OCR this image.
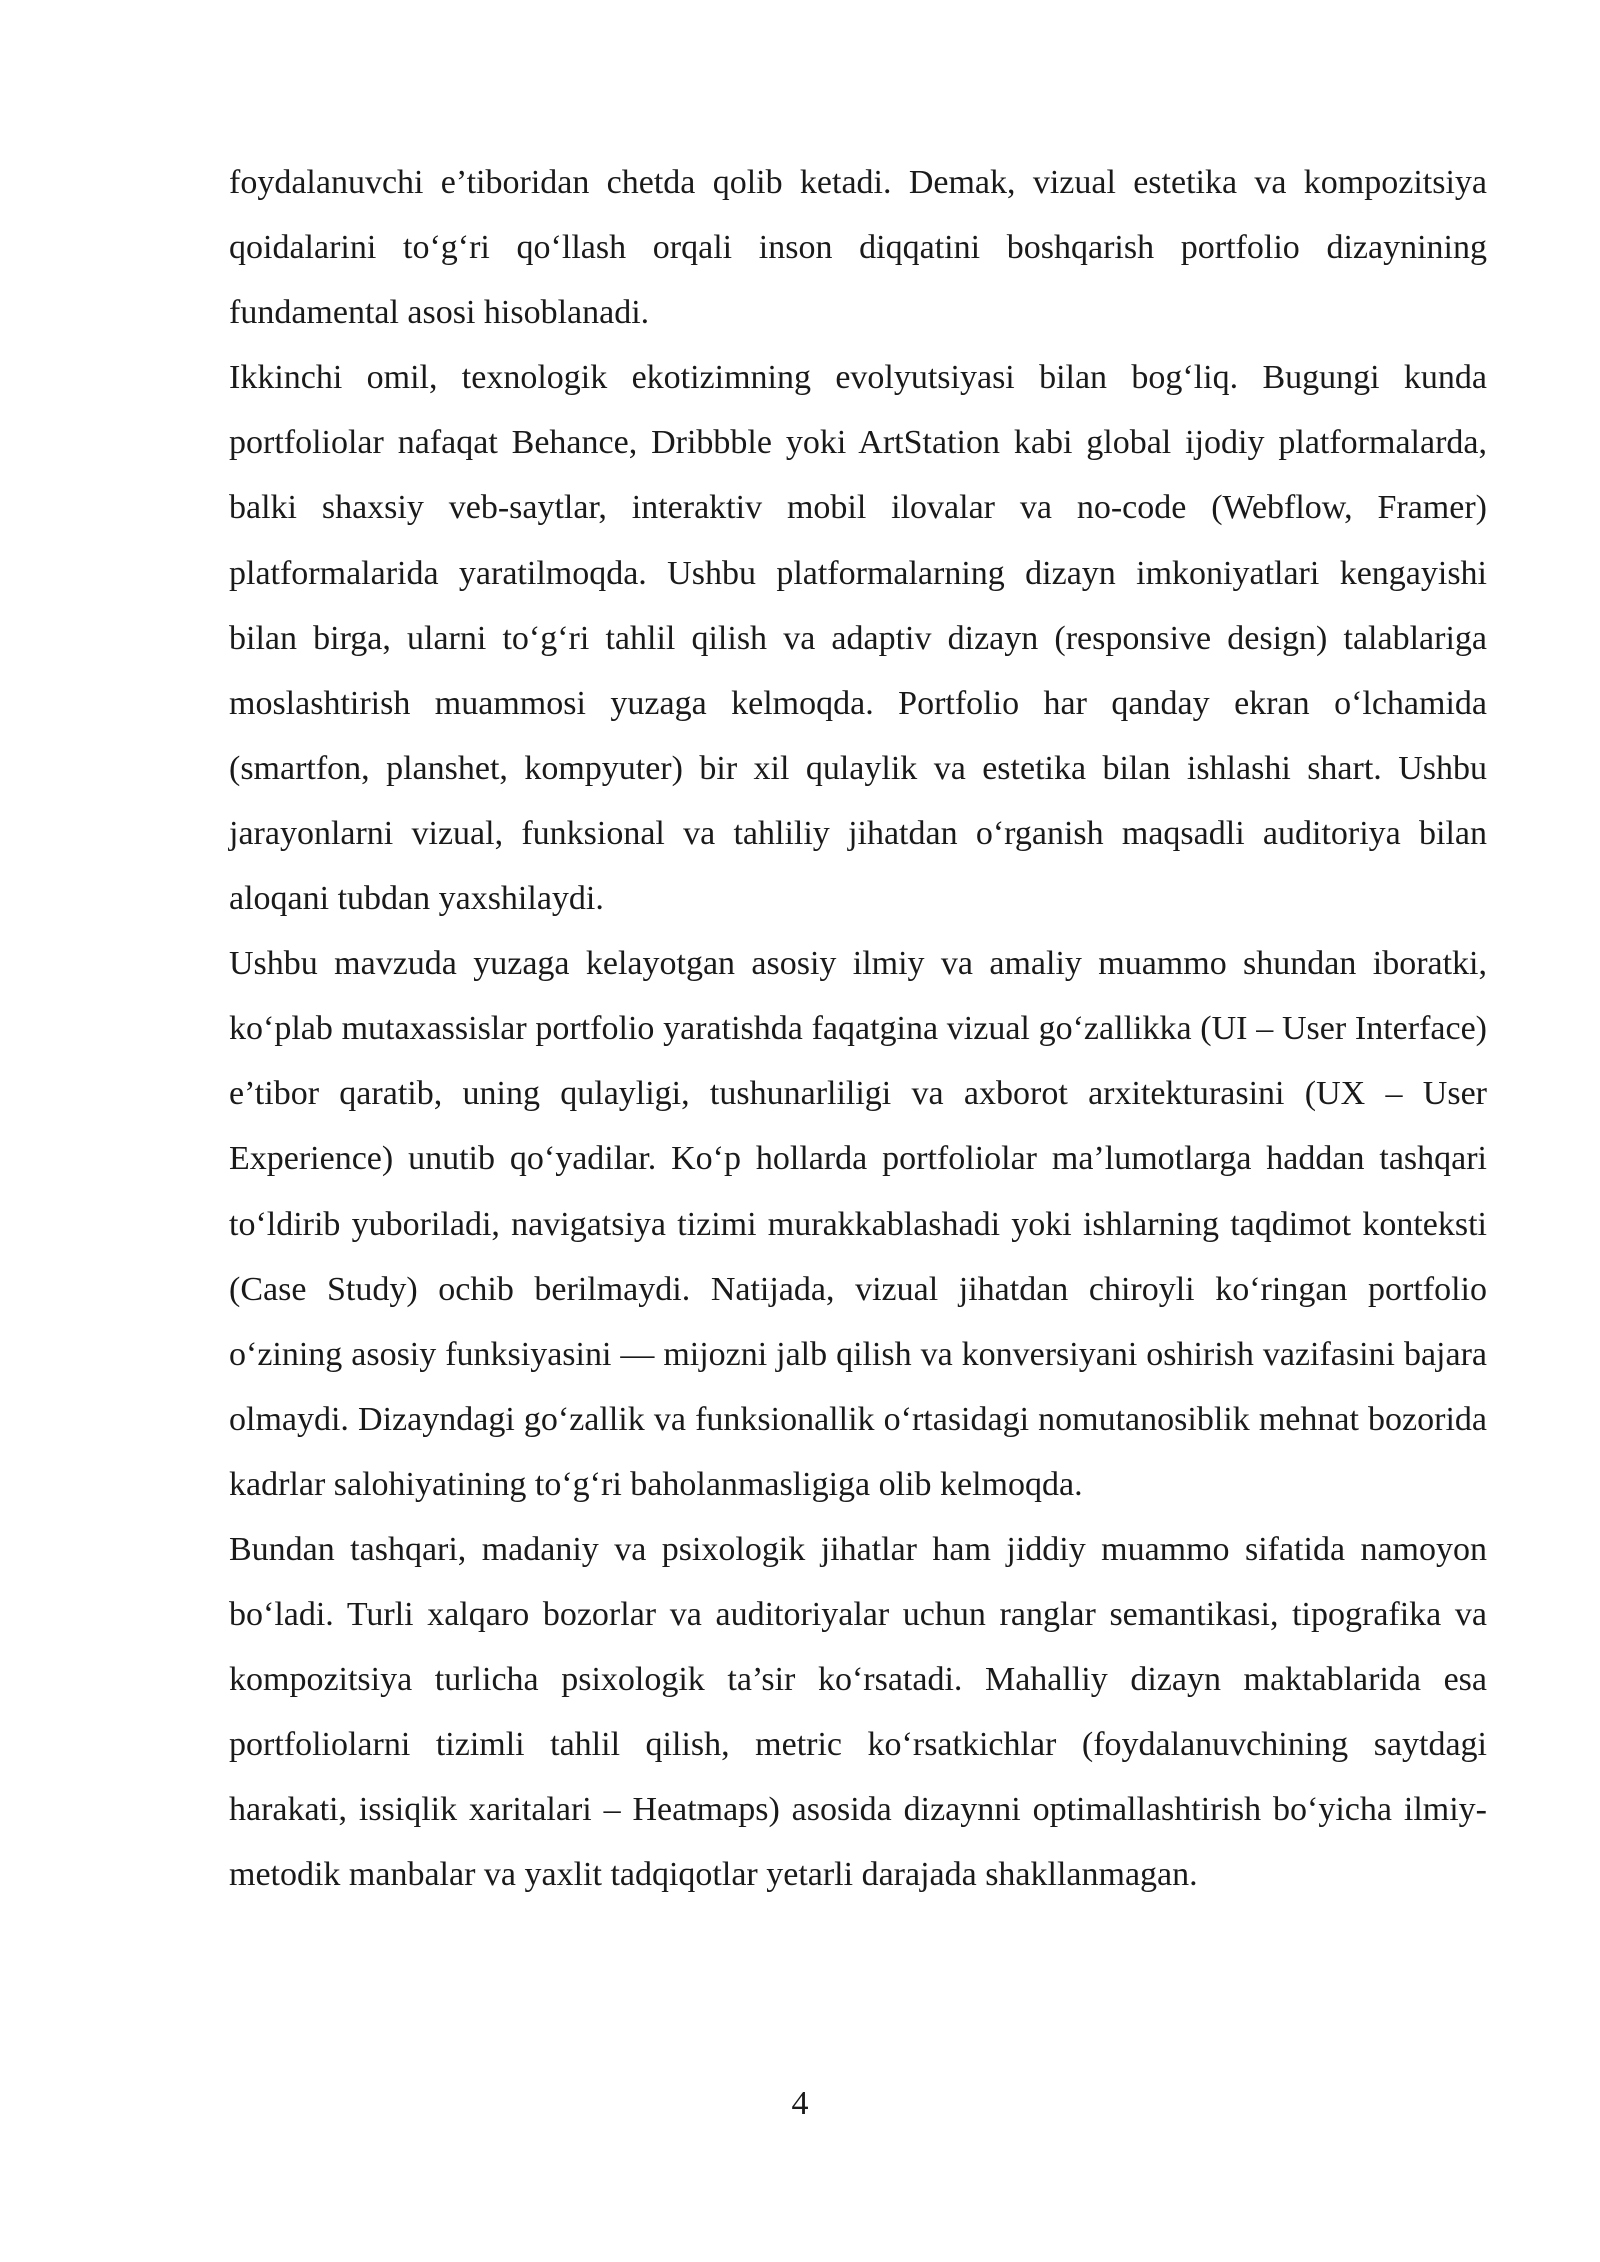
foydalanuvchi e’tiboridan chetda qolib ketadi. Demak, vizual estetika va kompozitsiya qoidalarini to‘g‘ri qo‘llash orqali inson diqqatini boshqarish portfolio dizaynining fundamental asosi hisoblanadi.

Ikkinchi omil, texnologik ekotizimning evolyutsiyasi bilan bog‘liq. Bugungi kunda portfoliolar nafaqat Behance, Dribbble yoki ArtStation kabi global ijodiy platformalarda, balki shaxsiy veb-saytlar, interaktiv mobil ilovalar va no-code (Webflow, Framer) platformalarida yaratilmoqda. Ushbu platformalarning dizayn imkoniyatlari kengayishi bilan birga, ularni to‘g‘ri tahlil qilish va adaptiv dizayn (responsive design) talablariga moslashtirish muammosi yuzaga kelmoqda. Portfolio har qanday ekran o‘lchamida (smartfon, planshet, kompyuter) bir xil qulaylik va estetika bilan ishlashi shart. Ushbu jarayonlarni vizual, funksional va tahliliy jihatdan o‘rganish maqsadli auditoriya bilan aloqani tubdan yaxshilaydi.

Ushbu mavzuda yuzaga kelayotgan asosiy ilmiy va amaliy muammo shundan iboratki, ko‘plab mutaxassislar portfolio yaratishda faqatgina vizual go‘zallikka (UI – User Interface) e’tibor qaratib, uning qulayligi, tushunarliligi va axborot arxitekturasini (UX – User Experience) unutib qo‘yadilar. Ko‘p hollarda portfoliolar ma’lumotlarga haddan tashqari to‘ldirib yuboriladi, navigatsiya tizimi murakkablashadi yoki ishlarning taqdimot konteksti (Case Study) ochib berilmaydi. Natijada, vizual jihatdan chiroyli ko‘ringan portfolio o‘zining asosiy funksiyasini — mijozni jalb qilish va konversiyani oshirish vazifasini bajara olmaydi. Dizayndagi go‘zallik va funksionallik o‘rtasidagi nomutanosiblik mehnat bozorida kadrlar salohiyatining to‘g‘ri baholanmasligiga olib kelmoqda.

Bundan tashqari, madaniy va psixologik jihatlar ham jiddiy muammo sifatida namoyon bo‘ladi. Turli xalqaro bozorlar va auditoriyalar uchun ranglar semantikasi, tipografika va kompozitsiya turlicha psixologik ta’sir ko‘rsatadi. Mahalliy dizayn maktablarida esa portfoliolarni tizimli tahlil qilish, metric ko‘rsatkichlar (foydalanuvchining saytdagi harakati, issiqlik xaritalari – Heatmaps) asosida dizaynni optimallashtirish bo‘yicha ilmiy-metodik manbalar va yaxlit tadqiqotlar yetarli darajada shakllanmagan.

4
